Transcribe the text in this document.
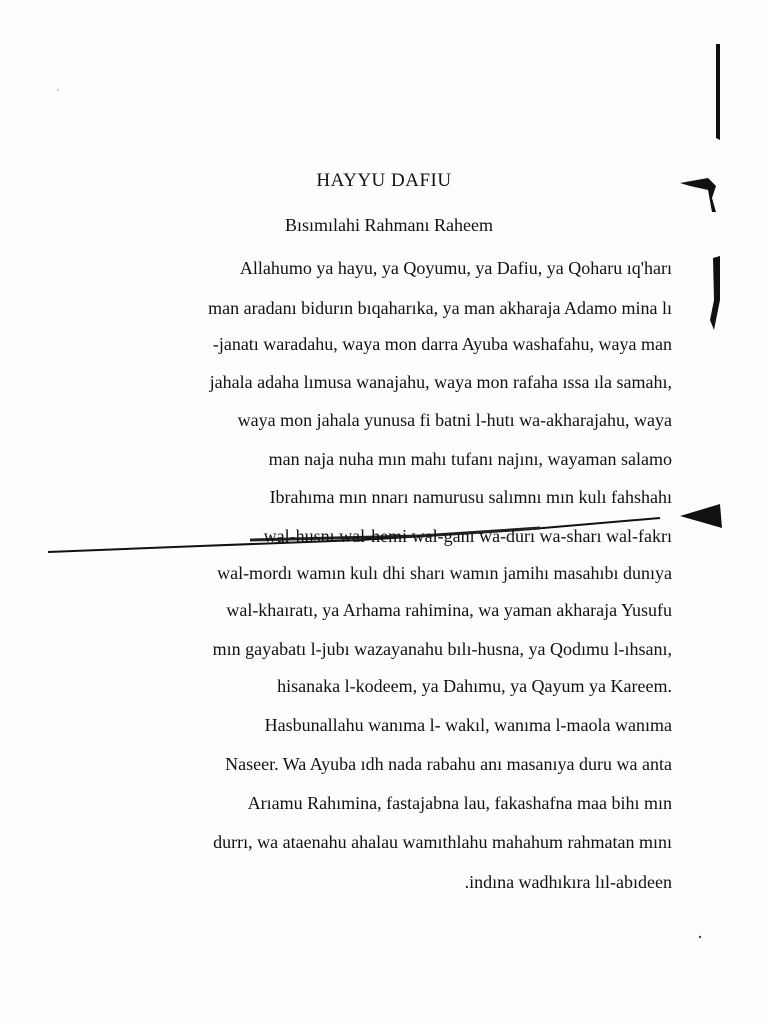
HAYYU DAFIU
Bısımılahi Rahmanı Raheem
Allahumo ya hayu, ya Qoyumu, ya Dafiu, ya Qoharu ıq'harı
man aradanı bidurın bıqaharıka, ya man akharaja Adamo mina lı
-janatı waradahu, waya mon darra Ayuba washafahu, waya man
jahala adaha lımusa wanajahu, waya mon rafaha ıssa ıla samahı,
waya mon jahala yunusa fi batni l-hutı wa-akharajahu, waya
man naja nuha mın mahı tufanı najını, wayaman salamo
Ibrahıma mın nnarı namurusu salımnı mın kulı fahshahı
wal-husnı wal-hemi wal-ganı wa-durı wa-sharı wal-fakrı
wal-mordı wamın kulı dhi sharı wamın jamihı masahıbı dunıya
wal-khaıratı, ya Arhama rahimina, wa yaman akharaja Yusufu
mın gayabatı l-jubı wazayanahu bılı-husna, ya Qodımu l-ıhsanı,
hisanaka l-kodeem, ya Dahımu, ya Qayum ya Kareem.
Hasbunallahu wanıma l- wakıl, wanıma l-maola wanıma
Naseer. Wa Ayuba ıdh nada rabahu anı masanıya duru wa anta
Arıamu Rahımina, fastajabna lau, fakashafna maa bihı mın
durrı, wa ataenahu ahalau wamıthlahu mahahum rahmatan mını
.indına wadhıkıra lıl-abıdeen
